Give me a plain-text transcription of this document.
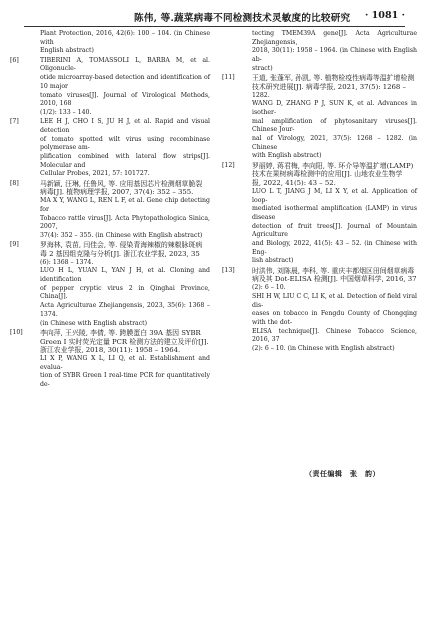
陈伟, 等.蔬菜病毒不同检测技术灵敏度的比较研究 · 1081 ·
Plant Protection, 2016, 42(6): 100 – 104. (in Chinese with
English abstract)
[6]	TIBERINI A, TOMASSOLI L, BARBA M, et al. Oligonucle-
otide microarray-based detection and identification of 10 major
tomato viruses[J]. Journal of Virological Methods, 2010, 168
(1/2): 133 – 140.
[7]	LEE H J, CHO I S, JU H J, et al. Rapid and visual detection
of tomato spotted wilt virus using recombinase polymerase am-
plification combined with lateral flow strips[J]. Molecular and
Cellular Probes, 2021, 57: 101727.
[8]	马新颖, 汪琳, 任鲁风, 等. 应用基因芯片检测烟草脆裂
病毒[J]. 植物病理学报, 2007, 37(4): 352 – 355.
MA X Y, WANG L, REN L F, et al. Gene chip detecting for
Tobacco rattle virus[J]. Acta Phytopathologica Sinica, 2007,
37(4): 352 – 355. (in Chinese with English abstract)
[9]	罗海林, 袁苗, 闫佳会, 等. 侵染青海辣椒的辣椒脉斑病
毒 2 基因组克隆与分析[J]. 浙江农业学报, 2023, 35
(6): 1368 – 1374.
LUO H L, YUAN L, YAN J H, et al. Cloning and identification
of pepper cryptic virus 2 in Qinghai Province, China[J].
Acta Agriculturae Zhejiangensis, 2023, 35(6): 1368 – 1374.
(in Chinese with English abstract)
[10]	李向萍, 王兴陵, 李倩, 等. 跨膜蛋白 39A 基因 SYBR
Green Ⅰ 实时荧光定量 PCR 检测方法的建立及评价[J].
浙江农业学报, 2018, 30(11): 1958 – 1964.
LI X P, WANG X L, LI Q, et al. Establishment and evalua-
tion of SYBR Green Ⅰ real-time PCR for quantitatively de-
tecting TMEM39A gene[J]. Acta Agriculturae Zhejiangensis,
2018, 30(11): 1958 – 1964. (in Chinese with English ab-
stract)
[11]	王道, 张蓬军, 孙凯, 等. 植物检疫性病毒等温扩增检测
技术研究进展[J]. 病毒学报, 2021, 37(5): 1268 –
1282.
WANG D, ZHANG P J, SUN K, et al. Advances in isother-
mal amplification of phytosanitary viruses[J]. Chinese Jour-
nal of Virology, 2021, 37(5): 1268 – 1282. (in Chinese
with English abstract)
[12]	罗丽婷, 蒋君梅, 李向阳, 等. 环介导等温扩增(LAMP)
技术在果树病毒检测中的应用[J]. 山地农业生物学
报, 2022, 41(5): 43 – 52.
LUO L T, JIANG J M, LI X Y, et al. Application of loop-
mediated isothermal amplification (LAMP) in virus disease
detection of fruit trees[J]. Journal of Mountain Agriculture
and Biology, 2022, 41(5): 43 – 52. (in Chinese with Eng-
lish abstract)
[13]	时洪伟, 刘陈晨, 李科, 等. 重庆丰都烟区田间烟草病毒
病及其 Dot-ELISA 检测[J]. 中国烟草科学, 2016, 37
(2): 6 – 10.
SHI H W, LIU C C, LI K, et al. Detection of field viral dis-
eases on tobacco in Fengdu County of Chongqing with the dot-
ELISA technique[J]. Chinese Tobacco Science, 2016, 37
(2): 6 – 10. (in Chinese with English abstract)
（责任编辑　张　韵）
